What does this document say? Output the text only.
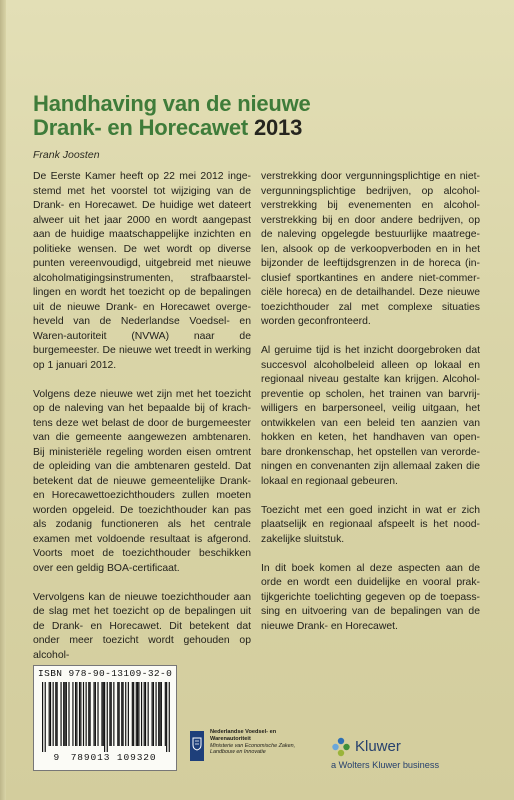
Handhaving van de nieuwe
Drank- en Horecawet 2013
Frank Joosten

De Eerste Kamer heeft op 22 mei 2012 inge-stemd met het voorstel tot wijziging van de Drank- en Horecawet. De huidige wet dateert alweer uit het jaar 2000 en wordt aangepast aan de huidige maatschappelijke inzichten en politieke wensen. De wet wordt op diverse punten vereenvoudigd, uitgebreid met nieuwe alcoholmatigingsinstrumenten, strafbaarstel-lingen en wordt het toezicht op de bepalingen uit de nieuwe Drank- en Horecawet overge-heveld van de Nederlandse Voedsel- en Waren-autoriteit (NVWA) naar de burgemeester. De nieuwe wet treedt in werking op 1 januari 2012.

Volgens deze nieuwe wet zijn met het toezicht op de naleving van het bepaalde bij of krach-tens deze wet belast de door de burgemeester van die gemeente aangewezen ambtenaren. Bij ministeriële regeling worden eisen omtrent de opleiding van die ambtenaren gesteld. Dat betekent dat de nieuwe gemeentelijke Drank-en Horecawettoezichthouders zullen moeten worden opgeleid. De toezichthouder kan pas als zodanig functioneren als het centrale examen met voldoende resultaat is afgerond. Voorts moet de toezichthouder beschikken over een geldig BOA-certificaat.

Vervolgens kan de nieuwe toezichthouder aan de slag met het toezicht op de bepalingen uit de Drank- en Horecawet. Dit betekent dat onder meer toezicht wordt gehouden op alcohol-

verstrekking door vergunningsplichtige en niet-vergunningsplichtige bedrijven, op alcohol-verstrekking bij evenementen en alcohol-verstrekking bij en door andere bedrijven, op de naleving opgelegde bestuurlijke maatrege-len, alsook op de verkoopverboden en in het bijzonder de leeftijdsgrenzen in de horeca (in-clusief sportkantines en andere niet-commer-ciële horeca) en de detailhandel. Deze nieuwe toezichthouder zal met complexe situaties worden geconfronteerd.

Al geruime tijd is het inzicht doorgebroken dat succesvol alcoholbeleid alleen op lokaal en regionaal niveau gestalte kan krijgen. Alcohol-preventie op scholen, het trainen van barvrij-willigers en barpersoneel, veilig uitgaan, het ontwikkelen van een beleid ten aanzien van hokken en keten, het handhaven van open-bare dronkenschap, het opstellen van verorde-ningen en convenanten zijn allemaal zaken die lokaal en regionaal gebeuren.

Toezicht met een goed inzicht in wat er zich plaatselijk en regionaal afspeelt is het nood-zakelijke sluitstuk.

In dit boek komen al deze aspecten aan de orde en wordt een duidelijke en vooral prak-tijkgerichte toelichting gegeven op de toepass-sing en uitvoering van de bepalingen van de nieuwe Drank- en Horecawet.

ISBN 978-90-13109-32-0
9 789013 109320
Nederlandse Voedsel- en
Warenautoriteit
Ministerie van Economische Zaken,
Landbouw en Innovatie	Kluwer
a Wolters Kluwer business
